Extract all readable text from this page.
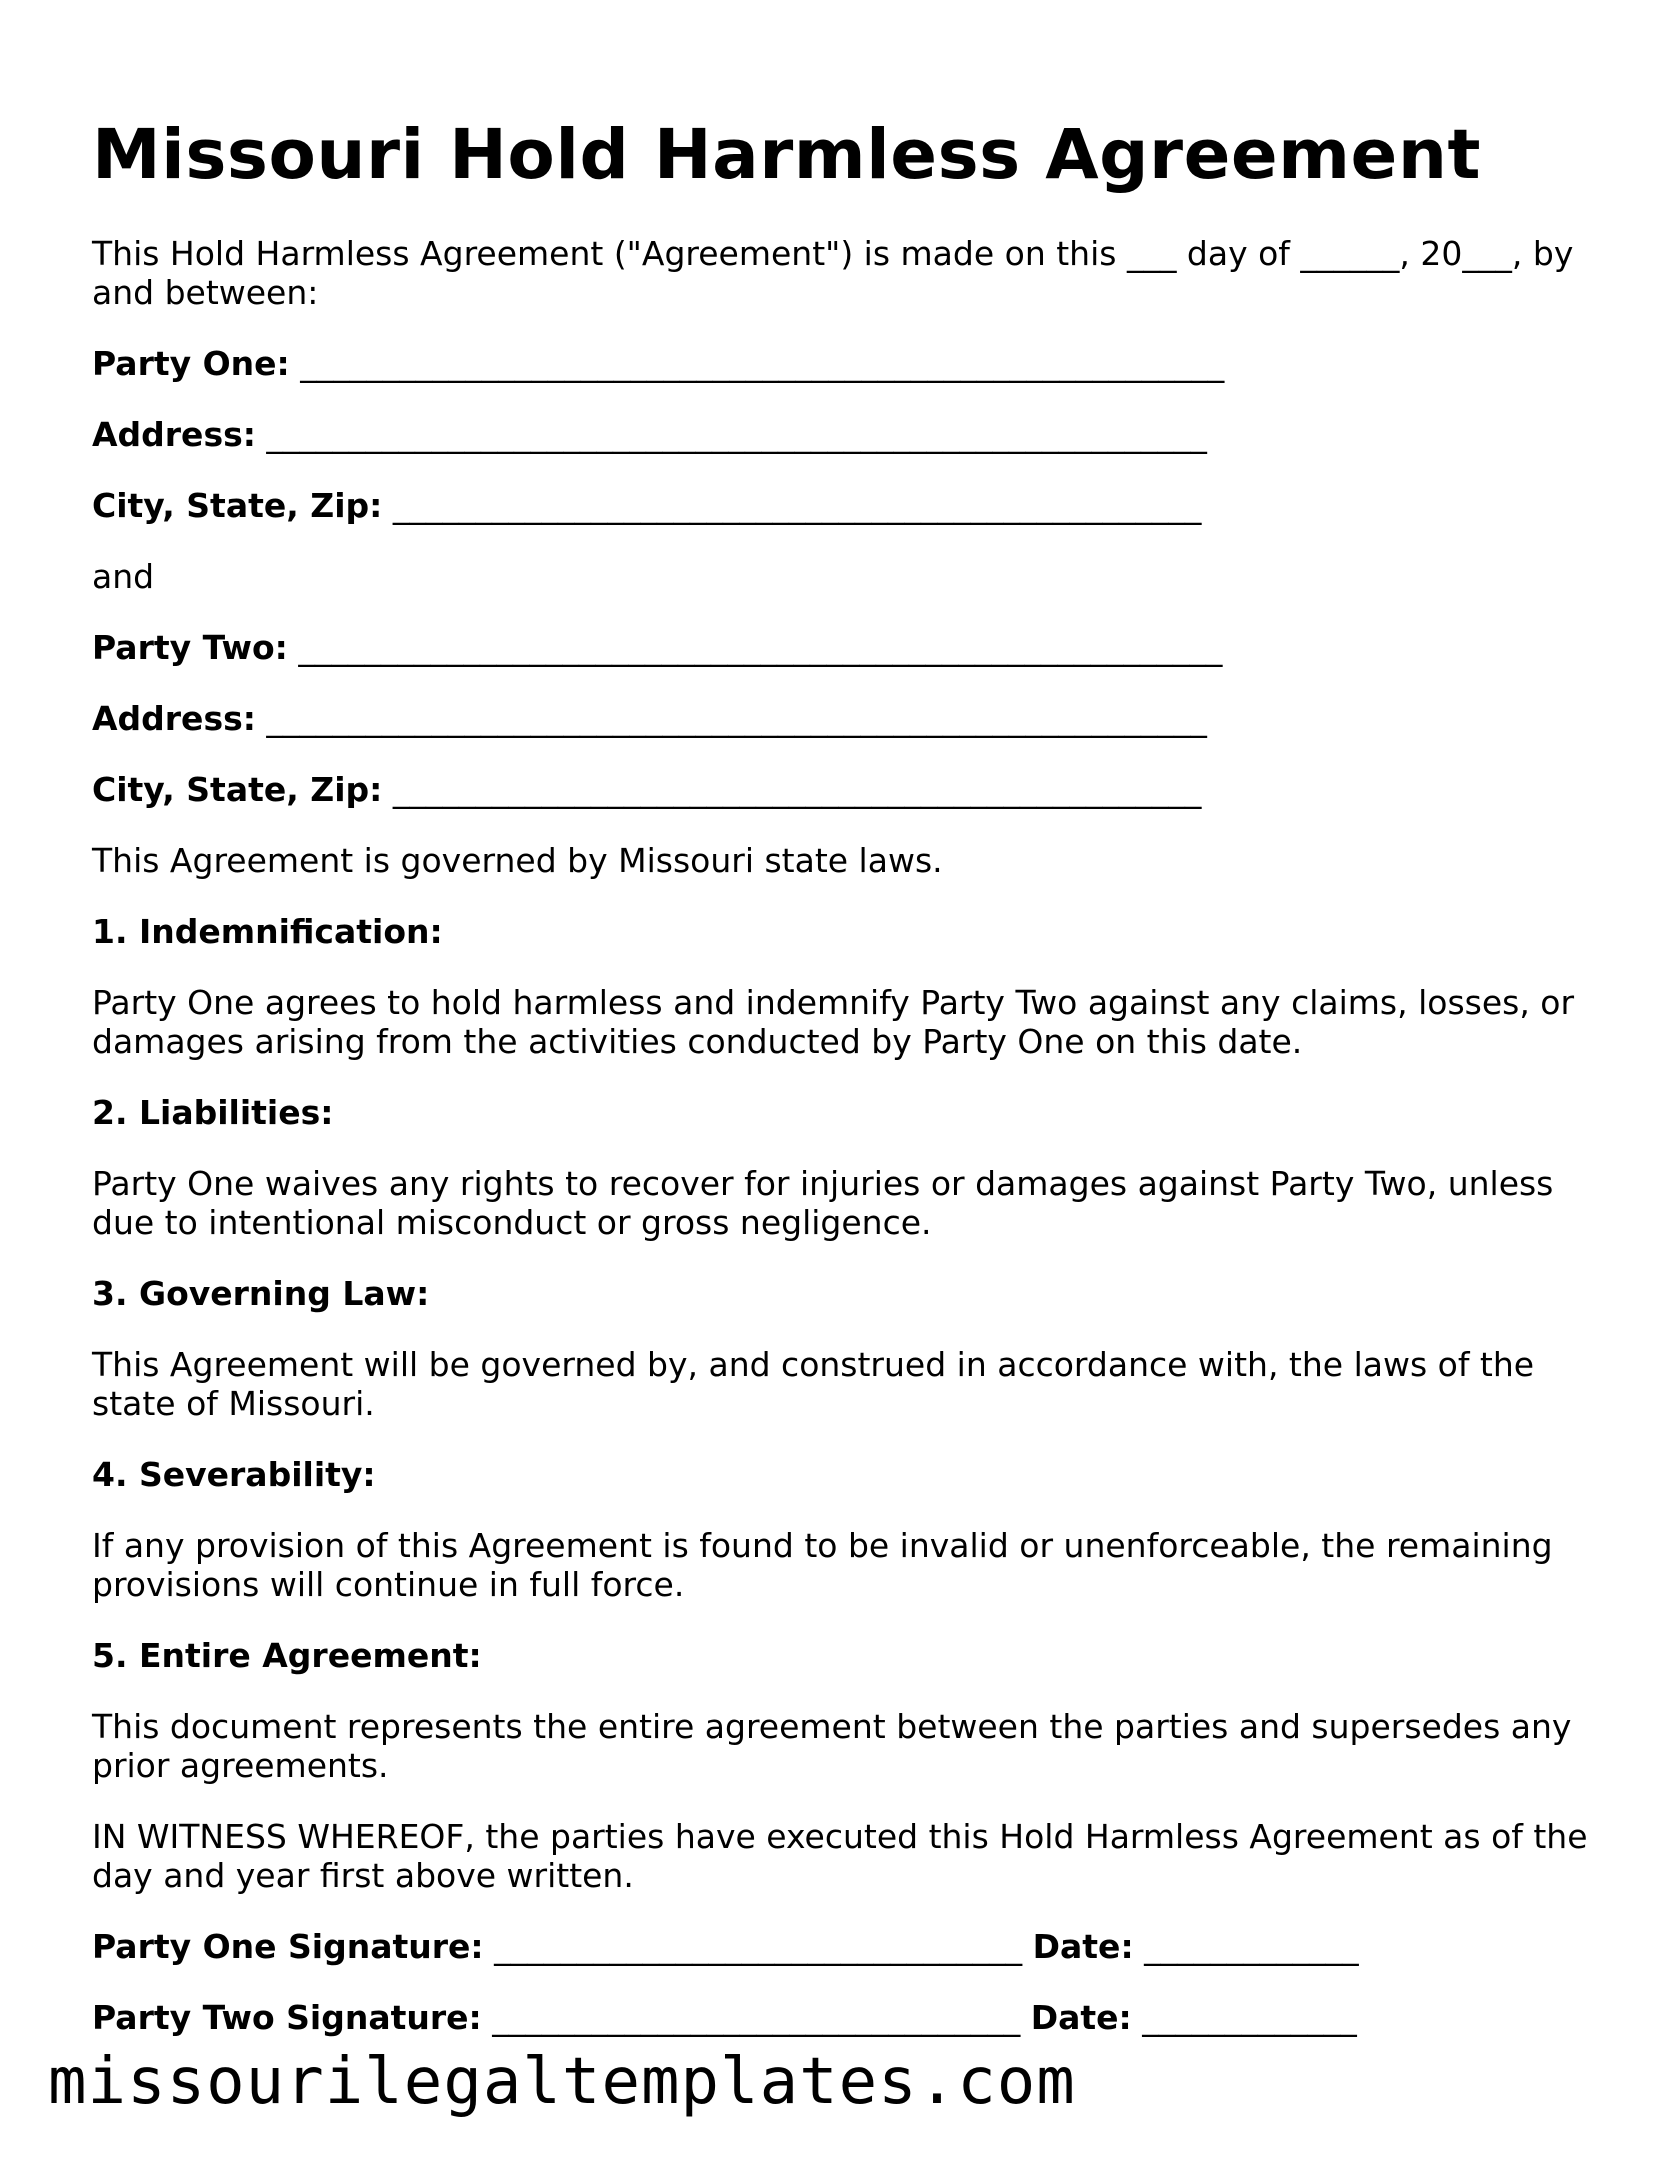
Missouri Hold Harmless Agreement

This Hold Harmless Agreement ("Agreement") is made on this ___ day of ______, 20___, by and between:

Party One: ________________________________________________________
Address: _________________________________________________________
City, State, Zip: _________________________________________________

and

Party Two: ________________________________________________________
Address: _________________________________________________________
City, State, Zip: _________________________________________________

This Agreement is governed by Missouri state laws.

1. Indemnification:

Party One agrees to hold harmless and indemnify Party Two against any claims, losses, or damages arising from the activities conducted by Party One on this date.

2. Liabilities:

Party One waives any rights to recover for injuries or damages against Party Two, unless due to intentional misconduct or gross negligence.

3. Governing Law:

This Agreement will be governed by, and construed in accordance with, the laws of the state of Missouri.

4. Severability:

If any provision of this Agreement is found to be invalid or unenforceable, the remaining provisions will continue in full force.

5. Entire Agreement:

This document represents the entire agreement between the parties and supersedes any prior agreements.

IN WITNESS WHEREOF, the parties have executed this Hold Harmless Agreement as of the day and year first above written.

Party One Signature: ________________________________ Date: _____________
Party Two Signature: ________________________________ Date: _____________
missourilegaltemplates.com
